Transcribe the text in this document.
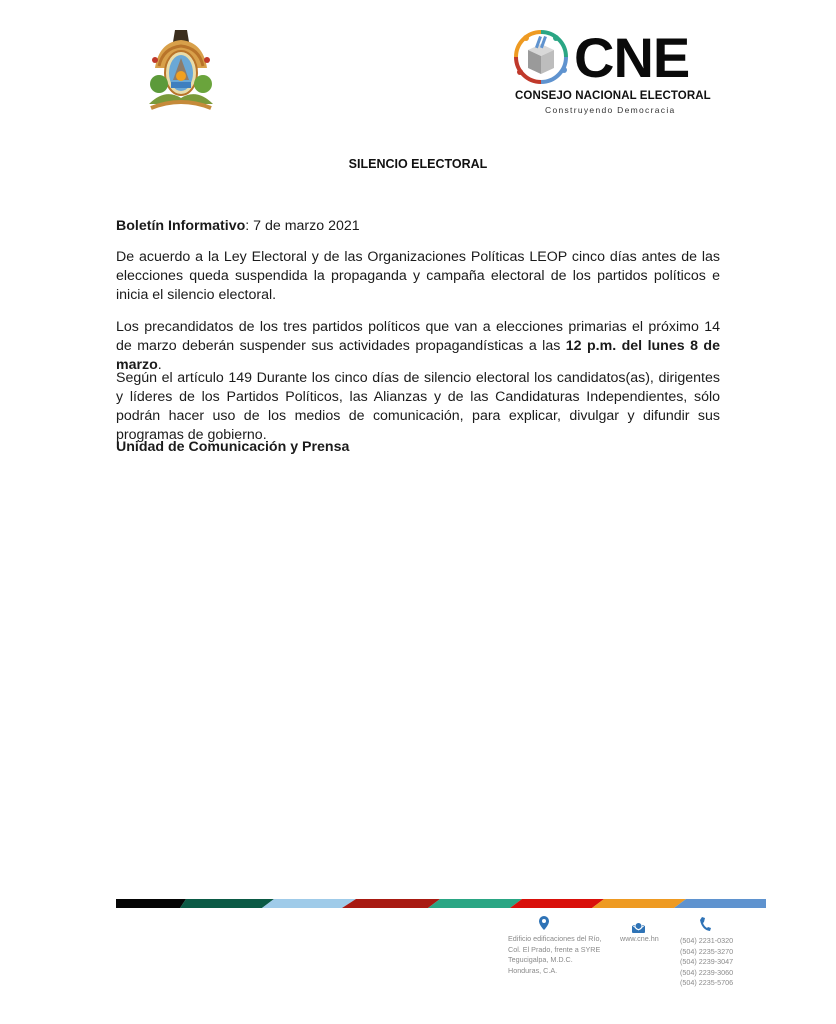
CNE
CONSEJO NACIONAL ELECTORAL
Construyendo Democracia
SILENCIO ELECTORAL
Boletín Informativo: 7 de marzo 2021
De acuerdo a la Ley Electoral y de las Organizaciones Políticas LEOP cinco días antes de las elecciones queda suspendida la propaganda y campaña electoral de los partidos políticos e inicia el silencio electoral.
Los precandidatos de los tres partidos políticos que van a elecciones primarias el próximo 14 de marzo deberán suspender sus actividades propagandísticas a las 12 p.m. del lunes 8 de marzo.
Según el artículo 149 Durante los cinco días de silencio electoral los candidatos(as), dirigentes y líderes de los Partidos Políticos, las Alianzas y de las Candidaturas Independientes, sólo podrán hacer uso de los medios de comunicación, para explicar, divulgar y difundir sus programas de gobierno.
Unidad de Comunicación y Prensa
Edificio edificaciones del Río,
Col. El Prado, frente a SYRE
Tegucigalpa, M.D.C.
Honduras, C.A.
www.cne.hn	(504) 2231-0320
(504) 2235-3270
(504) 2239-3047
(504) 2239-3060
(504) 2235-5706
